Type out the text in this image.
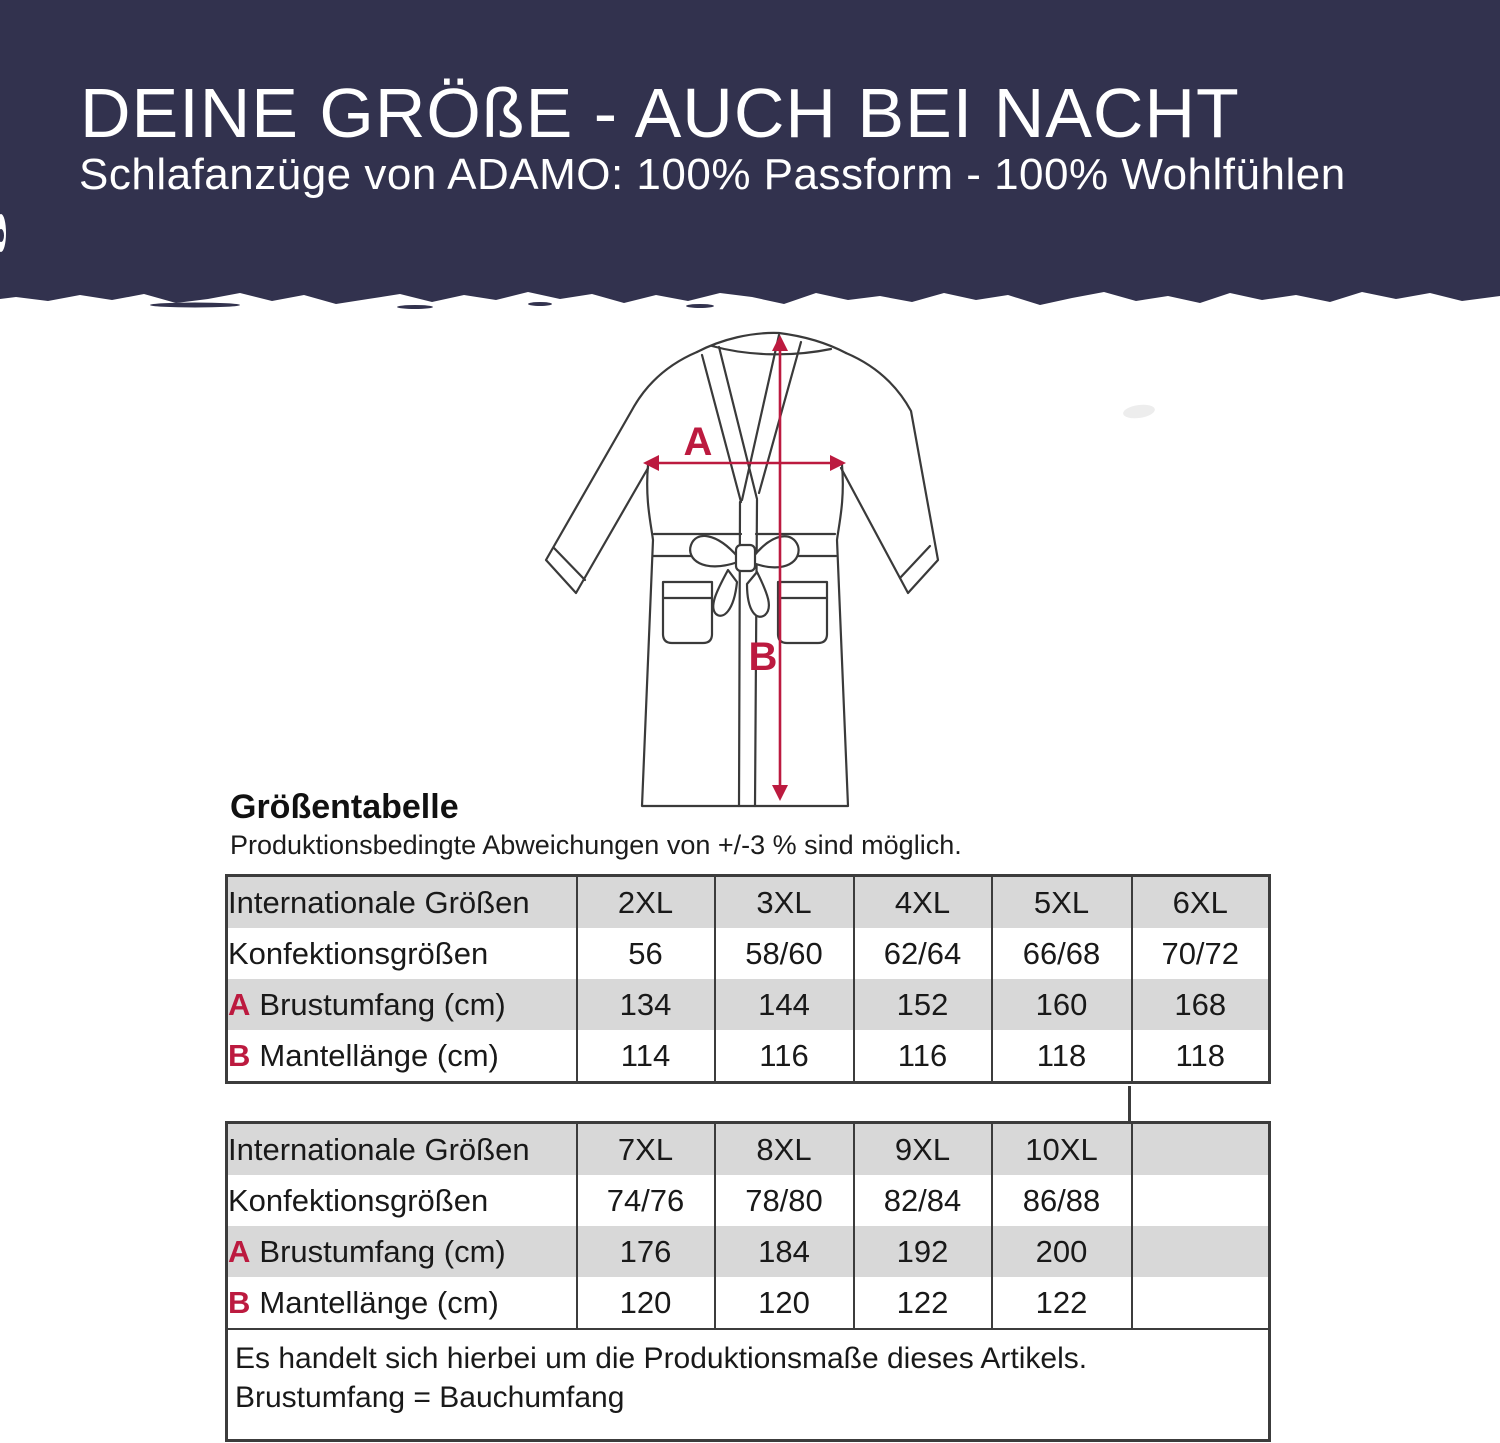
DEINE GRÖßE - AUCH BEI NACHT
Schlafanzüge von ADAMO: 100% Passform - 100% Wohlfühlen
A
B
Größentabelle
Produktionsbedingte Abweichungen von +/-3 % sind möglich.
Internationale Größen	2XL	3XL	4XL	5XL	6XL
Konfektionsgrößen	56	58/60	62/64	66/68	70/72
A Brustumfang (cm)	134	144	152	160	168
B Mantellänge (cm)	114	116	116	118	118
Internationale Größen	7XL	8XL	9XL	10XL	
Konfektionsgrößen	74/76	78/80	82/84	86/88	
A Brustumfang (cm)	176	184	192	200	
B Mantellänge (cm)	120	120	122	122	

Es handelt sich hierbei um die Produktionsmaße dieses Artikels.
Brustumfang = Bauchumfang					
